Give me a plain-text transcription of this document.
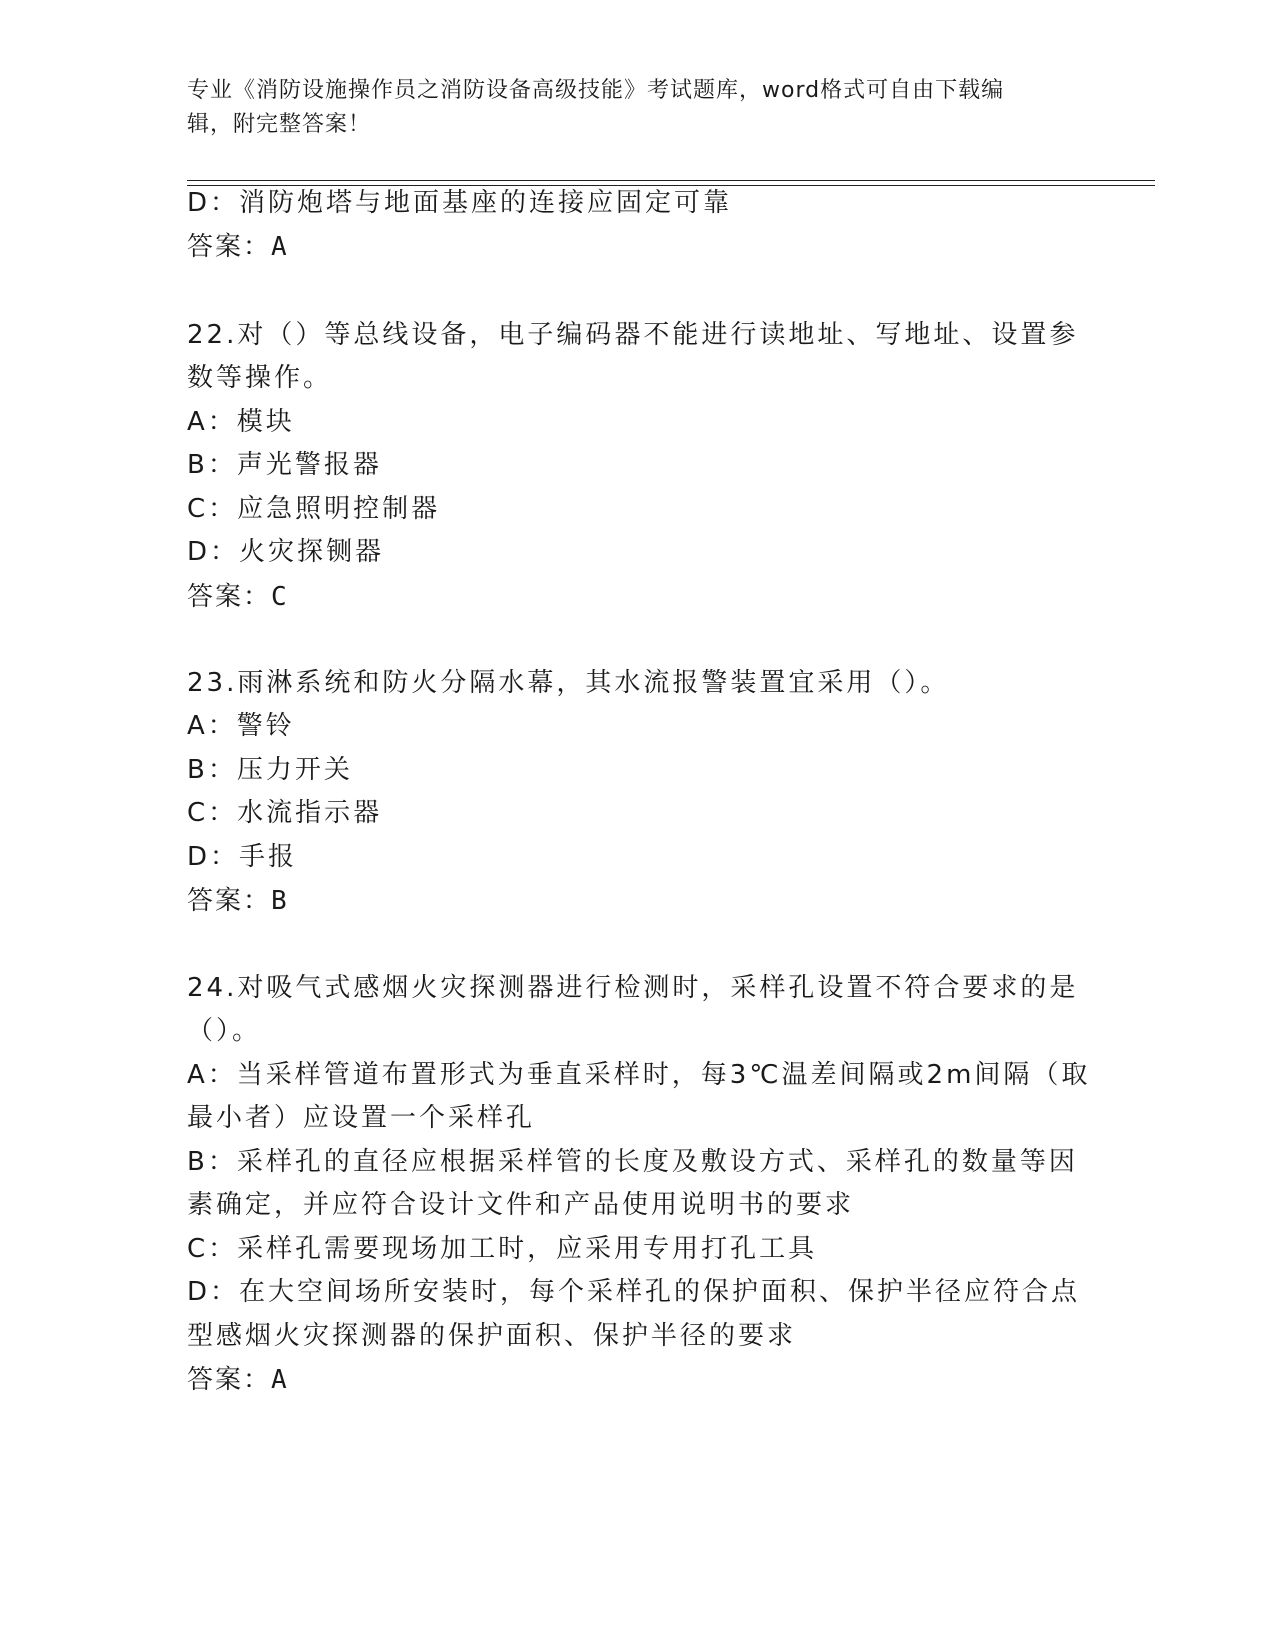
专业《消防设施操作员之消防设备高级技能》考试题库，word格式可自由下载编
辑，附完整答案！
D：消防炮塔与地面基座的连接应固定可靠
答案：A
22.对（）等总线设备，电子编码器不能进行读地址、写地址、设置参
数等操作。
A：模块
B：声光警报器
C：应急照明控制器
D：火灾探铡器
答案：C
23.雨淋系统和防火分隔水幕，其水流报警装置宜采用（）。
A：警铃
B：压力开关
C：水流指示器
D：手报
答案：B
24.对吸气式感烟火灾探测器进行检测时，采样孔设置不符合要求的是
（）。
A：当采样管道布置形式为垂直采样时，每3℃温差间隔或2m间隔（取
最小者）应设置一个采样孔
B：采样孔的直径应根据采样管的长度及敷设方式、采样孔的数量等因
素确定，并应符合设计文件和产品使用说明书的要求
C：采样孔需要现场加工时，应采用专用打孔工具
D：在大空间场所安装时，每个采样孔的保护面积、保护半径应符合点
型感烟火灾探测器的保护面积、保护半径的要求
答案：A
